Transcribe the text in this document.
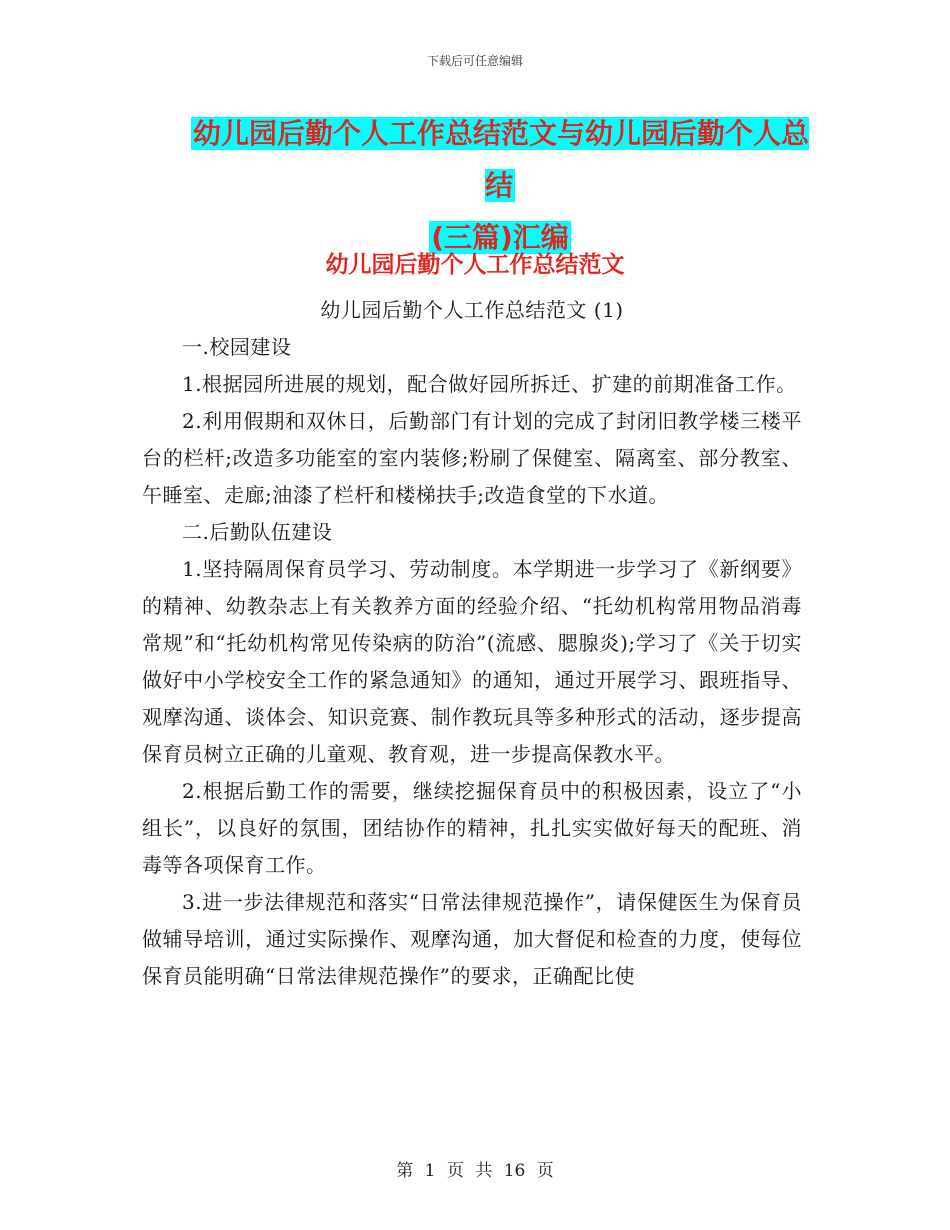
下载后可任意编辑
幼儿园后勤个人工作总结范文与幼儿园后勤个人总结
(三篇)汇编
幼儿园后勤个人工作总结范文

幼儿园后勤个人工作总结范文 (1)

一.校园建设

1.根据园所进展的规划，配合做好园所拆迁、扩建的前期准备工作。

2.利用假期和双休日，后勤部门有计划的完成了封闭旧教学楼三楼平台的栏杆;改造多功能室的室内装修;粉刷了保健室、隔离室、部分教室、午睡室、走廊;油漆了栏杆和楼梯扶手;改造食堂的下水道。

二.后勤队伍建设

1.坚持隔周保育员学习、劳动制度。本学期进一步学习了《新纲要》的精神、幼教杂志上有关教养方面的经验介绍、“托幼机构常用物品消毒常规”和“托幼机构常见传染病的防治”(流感、腮腺炎);学习了《关于切实做好中小学校安全工作的紧急通知》的通知，通过开展学习、跟班指导、观摩沟通、谈体会、知识竞赛、制作教玩具等多种形式的活动，逐步提高保育员树立正确的儿童观、教育观，进一步提高保教水平。

2.根据后勤工作的需要，继续挖掘保育员中的积极因素，设立了“小组长”，以良好的氛围，团结协作的精神，扎扎实实做好每天的配班、消毒等各项保育工作。

3.进一步法律规范和落实“日常法律规范操作”，请保健医生为保育员做辅导培训，通过实际操作、观摩沟通，加大督促和检查的力度，使每位保育员能明确“日常法律规范操作”的要求，正确配比使

第 1 页 共 16 页
